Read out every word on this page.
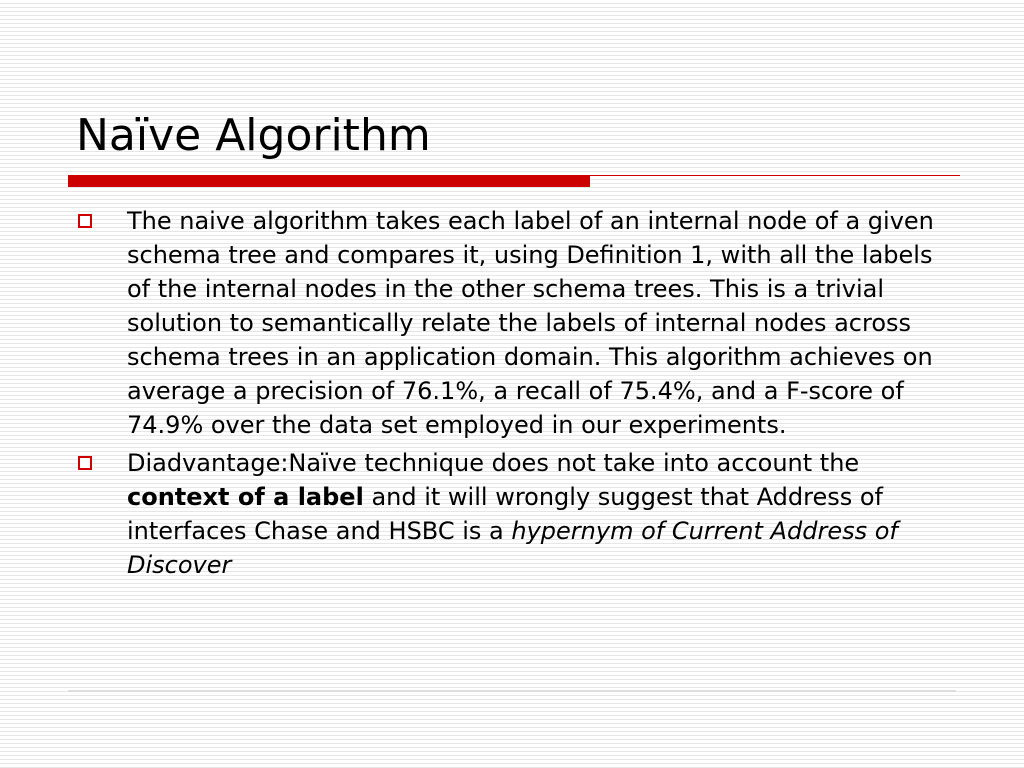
Naïve Algorithm
The naive algorithm takes each label of an internal node of a given schema tree and compares it, using Definition 1, with all the labels of the internal nodes in the other schema trees. This is a trivial solution to semantically relate the labels of internal nodes across schema trees in an application domain. This algorithm achieves on average a precision of 76.1%, a recall of 75.4%, and a F-score of 74.9% over the data set employed in our experiments.
Diadvantage:Naïve technique does not take into account the context of a label and it will wrongly suggest that Address of interfaces Chase and HSBC is a hypernym of Current Address of Discover
